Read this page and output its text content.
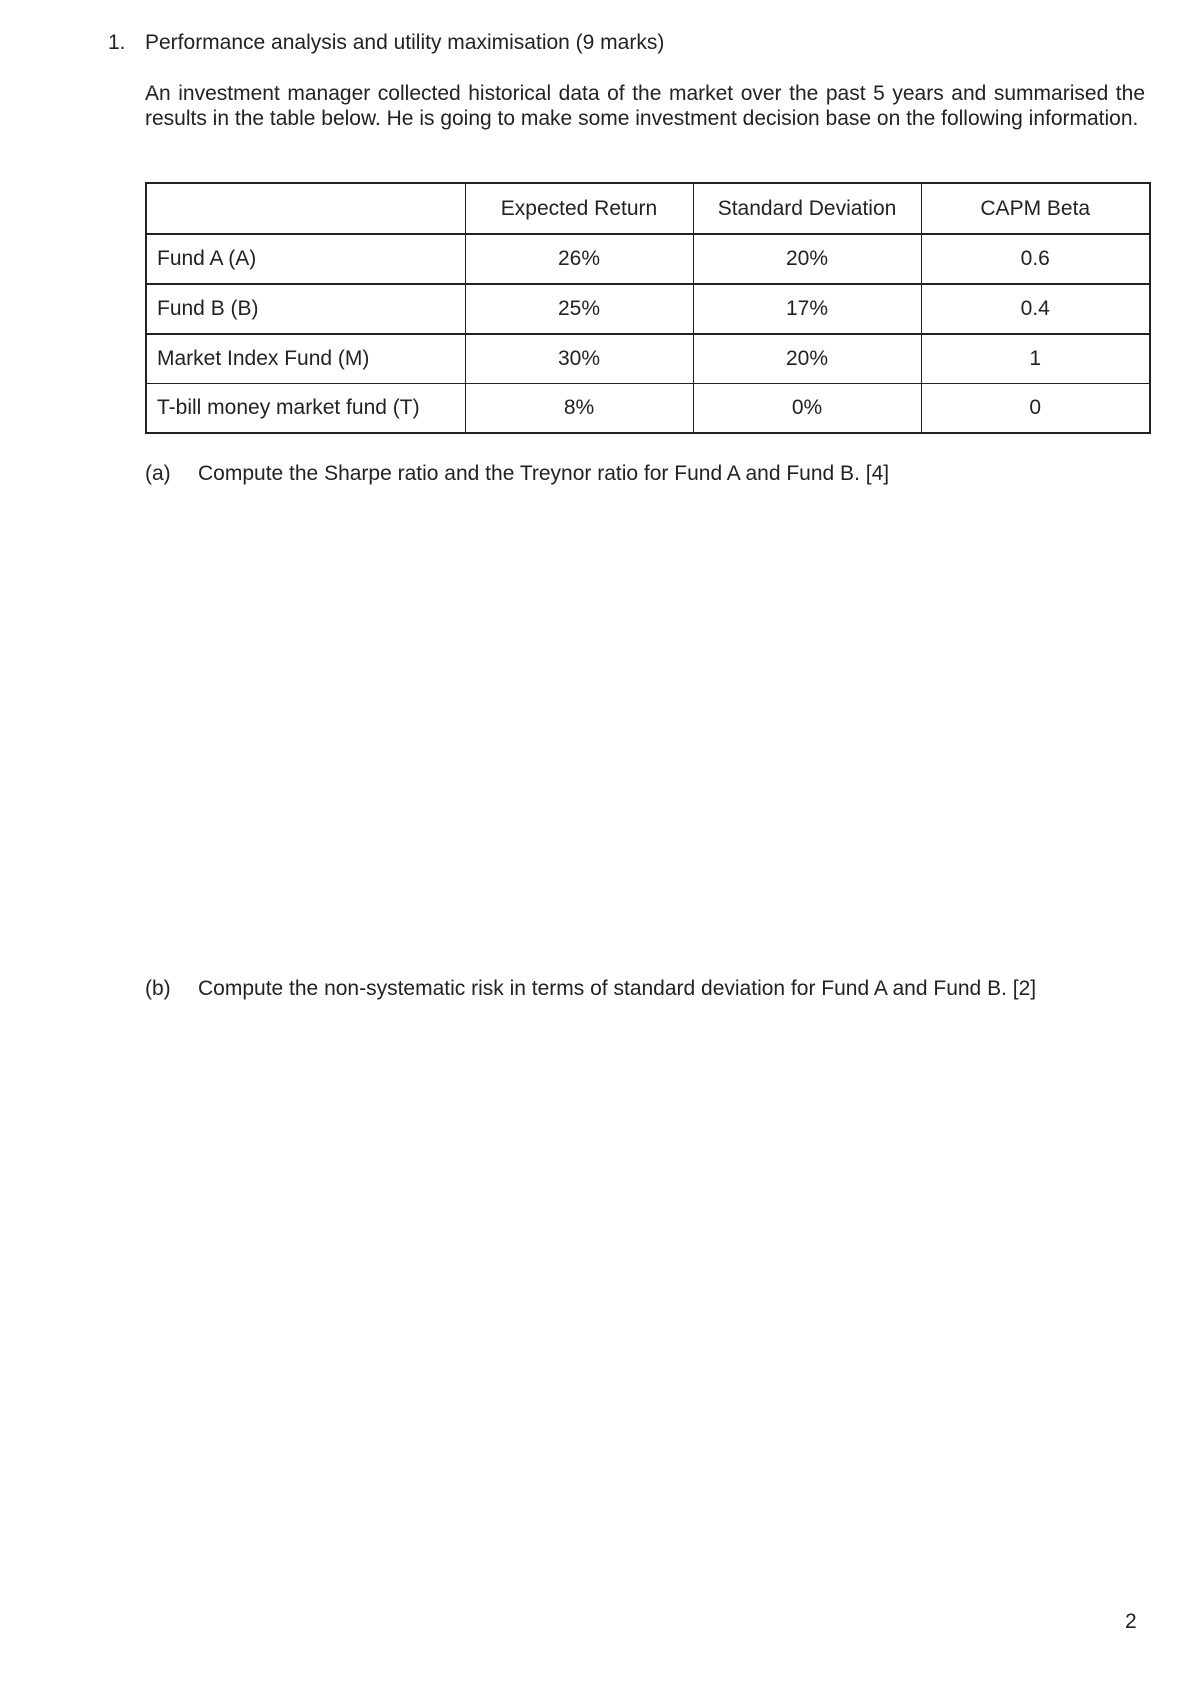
1. Performance analysis and utility maximisation (9 marks)

An investment manager collected historical data of the market over the past 5 years and summarised the results in the table below. He is going to make some investment decision base on the following information.

	Expected Return	Standard Deviation	CAPM Beta
Fund A (A)	26%	20%	0.6
Fund B (B)	25%	17%	0.4
Market Index Fund (M)	30%	20%	1
T-bill money market fund (T)	8%	0%	0
(a) Compute the Sharpe ratio and the Treynor ratio for Fund A and Fund B. [4]
(b) Compute the non-systematic risk in terms of standard deviation for Fund A and Fund B. [2]
2
